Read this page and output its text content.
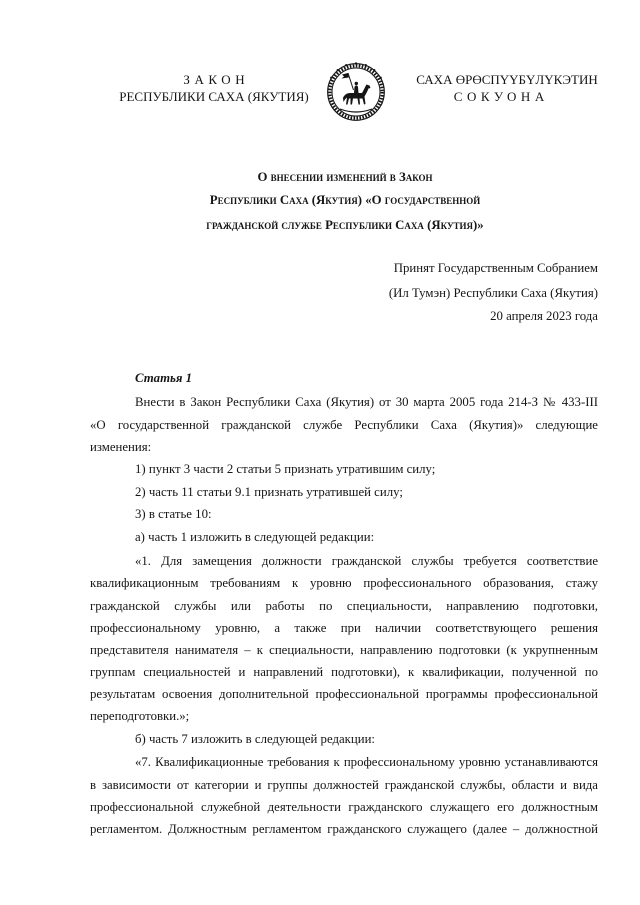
ЗАКОН
РЕСПУБЛИКИ САХА (ЯКУТИЯ)
САХА ӨРӨСПҮҮБҮЛҮКЭТИН
СОКУОНА
О внесении изменений в Закон
Республики Саха (Якутия) «О государственной
гражданской службе Республики Саха (Якутия)»
Принят Государственным Собранием
(Ил Тумэн) Республики Саха (Якутия)
20 апреля 2023 года
Статья 1
Внести в Закон Республики Саха (Якутия) от 30 марта 2005 года 214-З № 433-III
«О государственной гражданской службе Республики Саха (Якутия)» следующие
изменения:
1) пункт 3 части 2 статьи 5 признать утратившим силу;
2) часть 11 статьи 9.1 признать утратившей силу;
3) в статье 10:
а) часть 1 изложить в следующей редакции:
«1. Для замещения должности гражданской службы требуется соответствие
квалификационным требованиям к уровню профессионального образования, стажу
гражданской службы или работы по специальности, направлению подготовки,
профессиональному уровню, а также при наличии соответствующего решения
представителя нанимателя – к специальности, направлению подготовки (к укрупненным
группам специальностей и направлений подготовки), к квалификации, полученной по
результатам освоения дополнительной профессиональной программы профессиональной
переподготовки.»;
б) часть 7 изложить в следующей редакции:
«7. Квалификационные требования к профессиональному уровню устанавливаются
в зависимости от категории и группы должностей гражданской службы, области и вида
профессиональной служебной деятельности гражданского служащего его должностным
регламентом. Должностным регламентом гражданского служащего (далее – должностной
